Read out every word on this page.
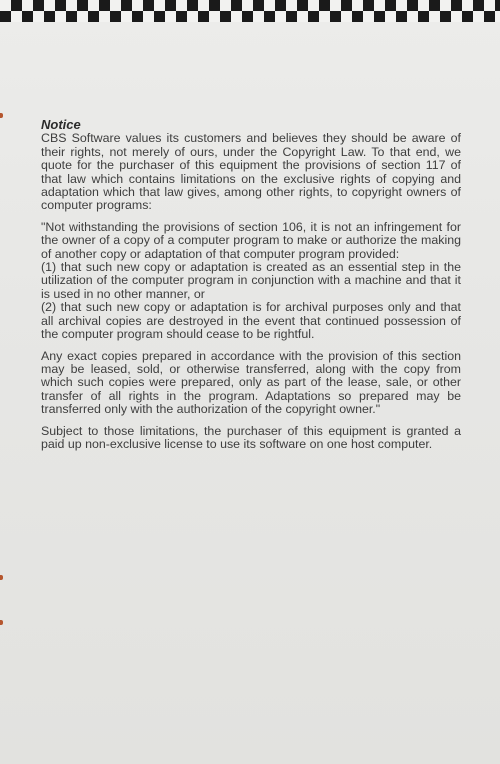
Notice

CBS Software values its customers and believes they should be aware of their rights, not merely of ours, under the Copyright Law. To that end, we quote for the purchaser of this equipment the provisions of section 117 of that law which contains limitations on the exclusive rights of copying and adaptation which that law gives, among other rights, to copyright owners of computer programs:

"Not withstanding the provisions of section 106, it is not an infringement for the owner of a copy of a computer program to make or authorize the making of another copy or adaptation of that computer program provided:

(1) that such new copy or adaptation is created as an essential step in the utilization of the computer program in conjunction with a machine and that it is used in no other manner, or

(2) that such new copy or adaptation is for archival purposes only and that all archival copies are destroyed in the event that continued possession of the computer program should cease to be rightful.

Any exact copies prepared in accordance with the provision of this section may be leased, sold, or otherwise transferred, along with the copy from which such copies were prepared, only as part of the lease, sale, or other transfer of all rights in the program. Adaptations so prepared may be transferred only with the authorization of the copyright owner."

Subject to those limitations, the purchaser of this equipment is granted a paid up non-exclusive license to use its software on one host computer.
